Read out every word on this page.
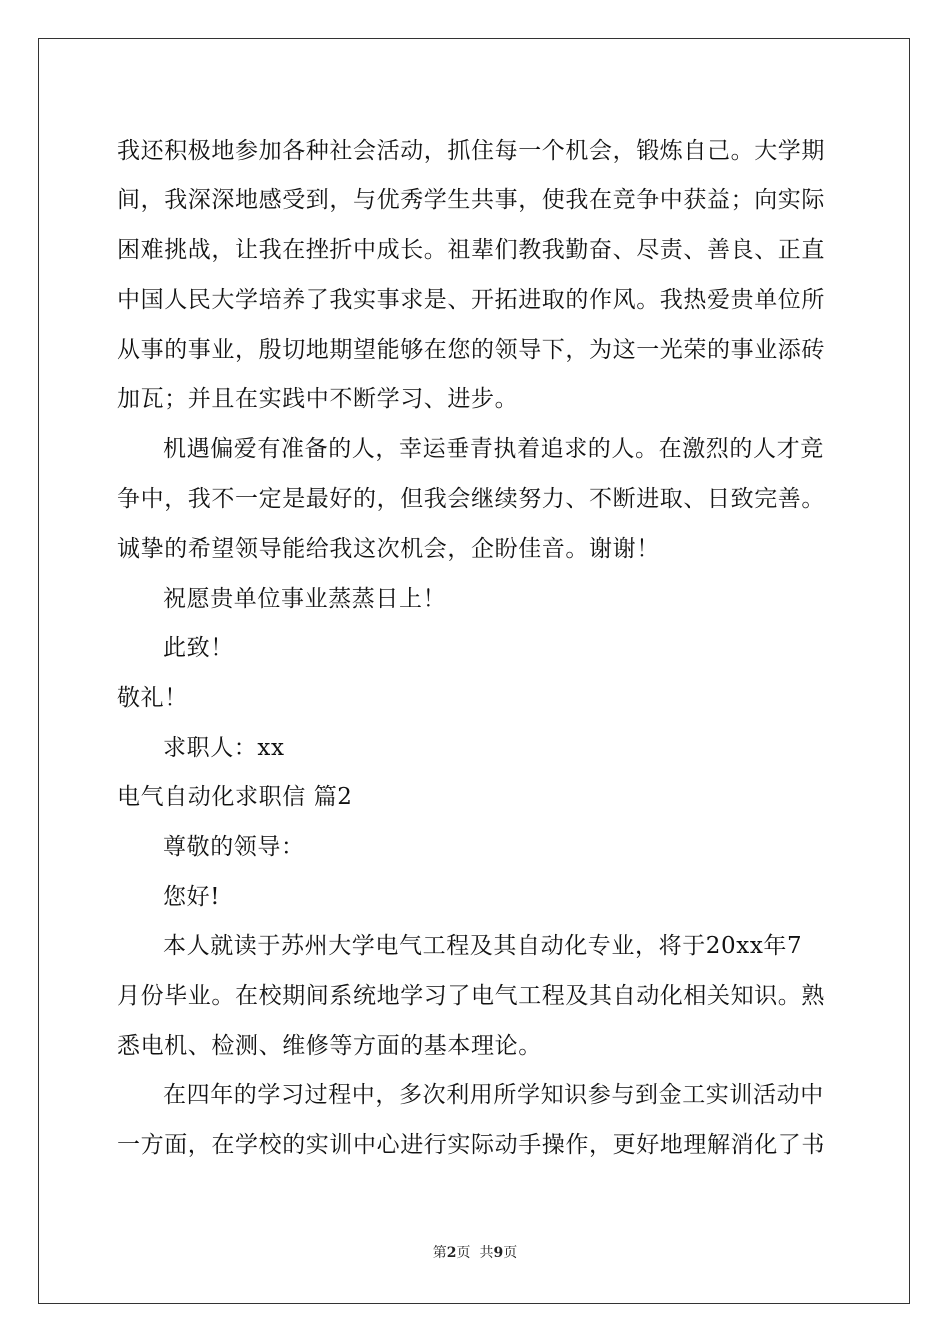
我还积极地参加各种社会活动，抓住每一个机会，锻炼自己。大学期
间，我深深地感受到，与优秀学生共事，使我在竞争中获益；向实际
困难挑战，让我在挫折中成长。祖辈们教我勤奋、尽责、善良、正直
中国人民大学培养了我实事求是、开拓进取的作风。我热爱贵单位所
从事的事业，殷切地期望能够在您的领导下，为这一光荣的事业添砖
加瓦；并且在实践中不断学习、进步。
机遇偏爱有准备的人，幸运垂青执着追求的人。在激烈的人才竞
争中，我不一定是最好的，但我会继续努力、不断进取、日致完善。
诚挚的希望领导能给我这次机会，企盼佳音。谢谢！
祝愿贵单位事业蒸蒸日上！
此致！
敬礼！
求职人：xx
电气自动化求职信 篇2
尊敬的领导：
您好!
本人就读于苏州大学电气工程及其自动化专业，将于20xx年7
月份毕业。在校期间系统地学习了电气工程及其自动化相关知识。熟
悉电机、检测、维修等方面的基本理论。
在四年的学习过程中，多次利用所学知识参与到金工实训活动中
一方面，在学校的实训中心进行实际动手操作，更好地理解消化了书
第2页  共9页
